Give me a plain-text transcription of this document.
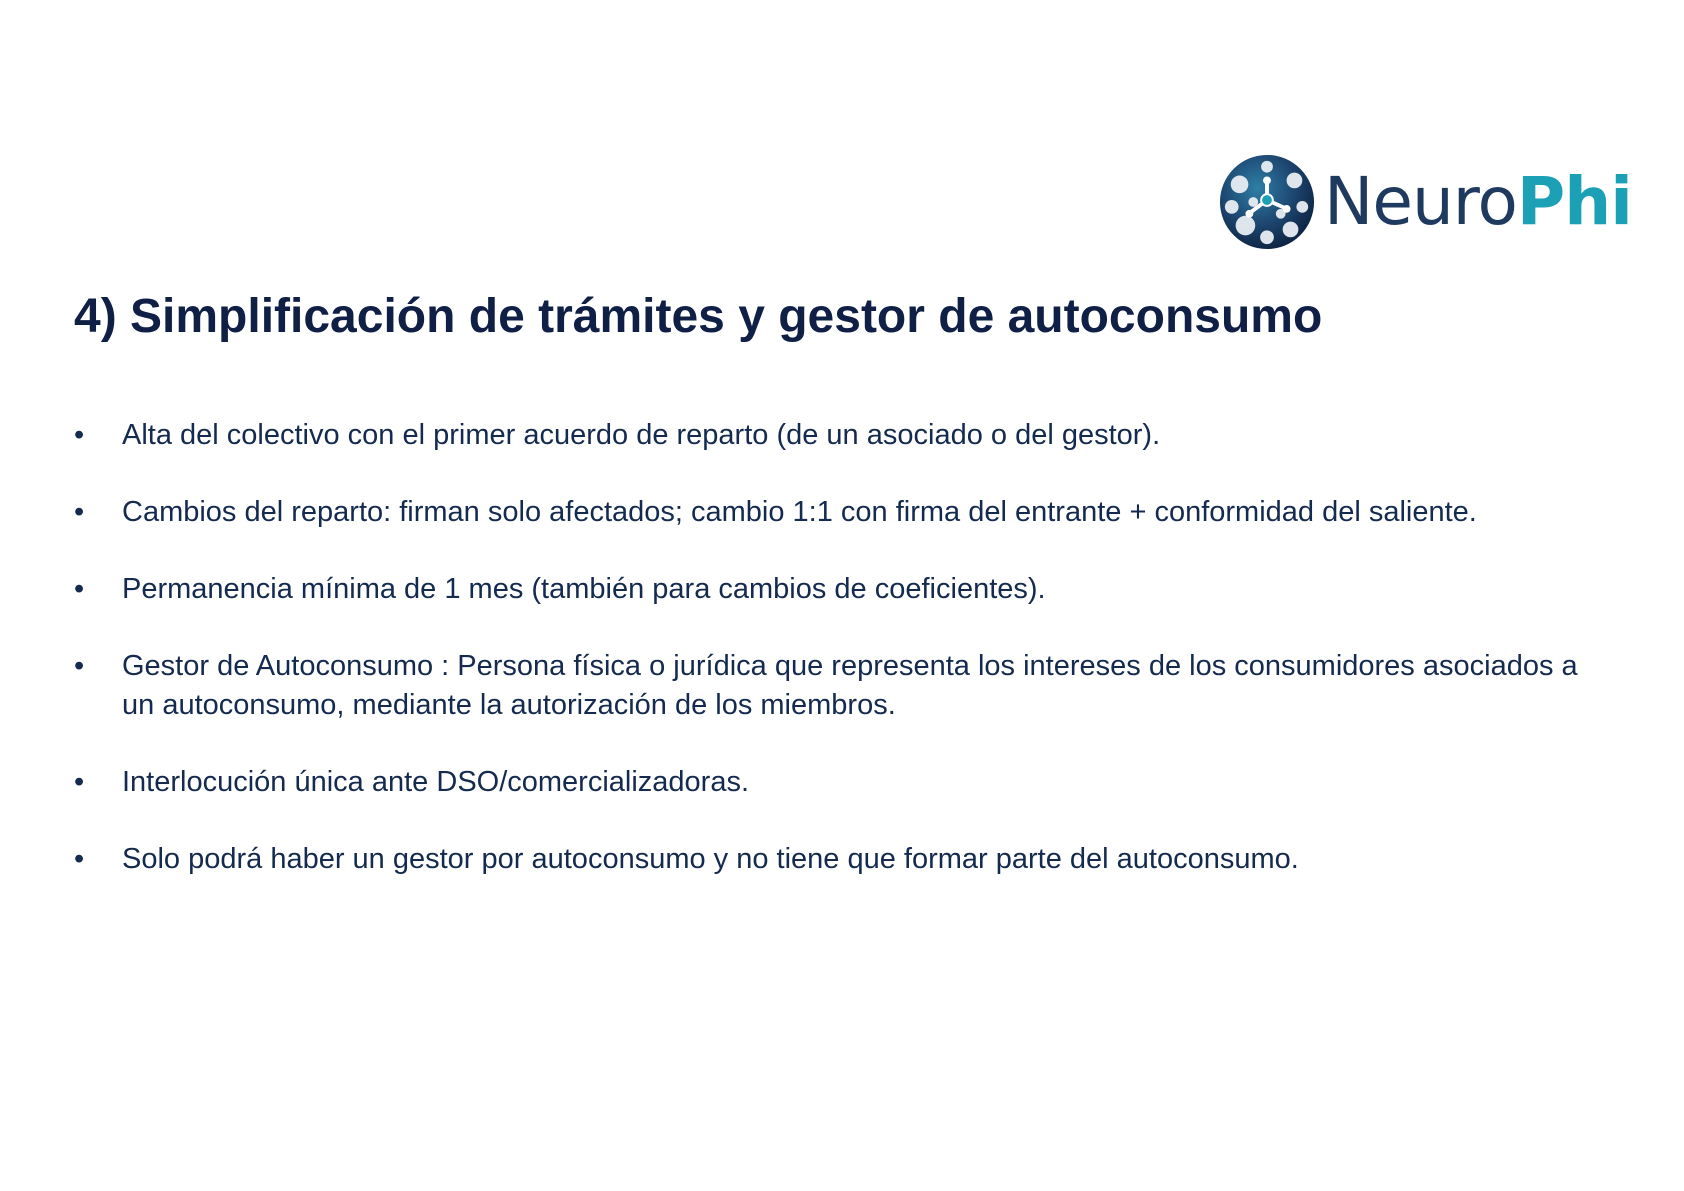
NeuroPhi
4) Simplificación de trámites y gestor de autoconsumo
• Alta del colectivo con el primer acuerdo de reparto (de un asociado o del gestor).
• Cambios del reparto: firman solo afectados; cambio 1:1 con firma del entrante + conformidad del saliente.
• Permanencia mínima de 1 mes (también para cambios de coeficientes).
• Gestor de Autoconsumo : Persona física o jurídica que representa los intereses de los consumidores asociados a un autoconsumo, mediante la autorización de los miembros.
• Interlocución única ante DSO/comercializadoras.
• Solo podrá haber un gestor por autoconsumo y no tiene que formar parte del autoconsumo.
